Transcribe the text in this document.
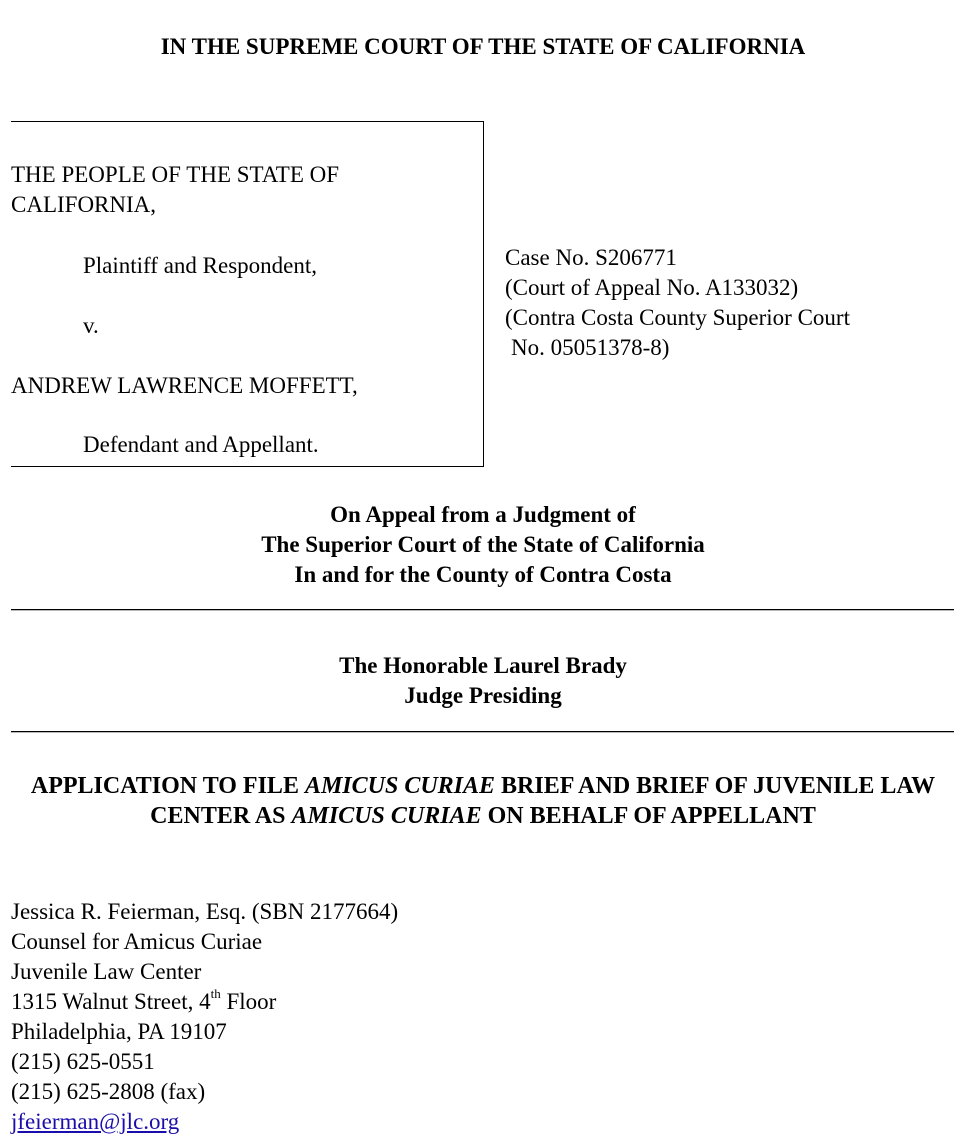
IN THE SUPREME COURT OF THE STATE OF CALIFORNIA
THE PEOPLE OF THE STATE OF
CALIFORNIA,
Plaintiff and Respondent,
v.
ANDREW LAWRENCE MOFFETT,
Defendant and Appellant.
Case No. S206771
(Court of Appeal No. A133032)
(Contra Costa County Superior Court
No. 05051378-8)
On Appeal from a Judgment of
The Superior Court of the State of California
In and for the County of Contra Costa
The Honorable Laurel Brady
Judge Presiding
APPLICATION TO FILE AMICUS CURIAE BRIEF AND BRIEF OF JUVENILE LAW CENTER AS AMICUS CURIAE ON BEHALF OF APPELLANT
Jessica R. Feierman, Esq. (SBN 2177664)
Counsel for Amicus Curiae
Juvenile Law Center
1315 Walnut Street, 4th Floor
Philadelphia, PA 19107
(215) 625-0551
(215) 625-2808 (fax)
jfeierman@jlc.org
